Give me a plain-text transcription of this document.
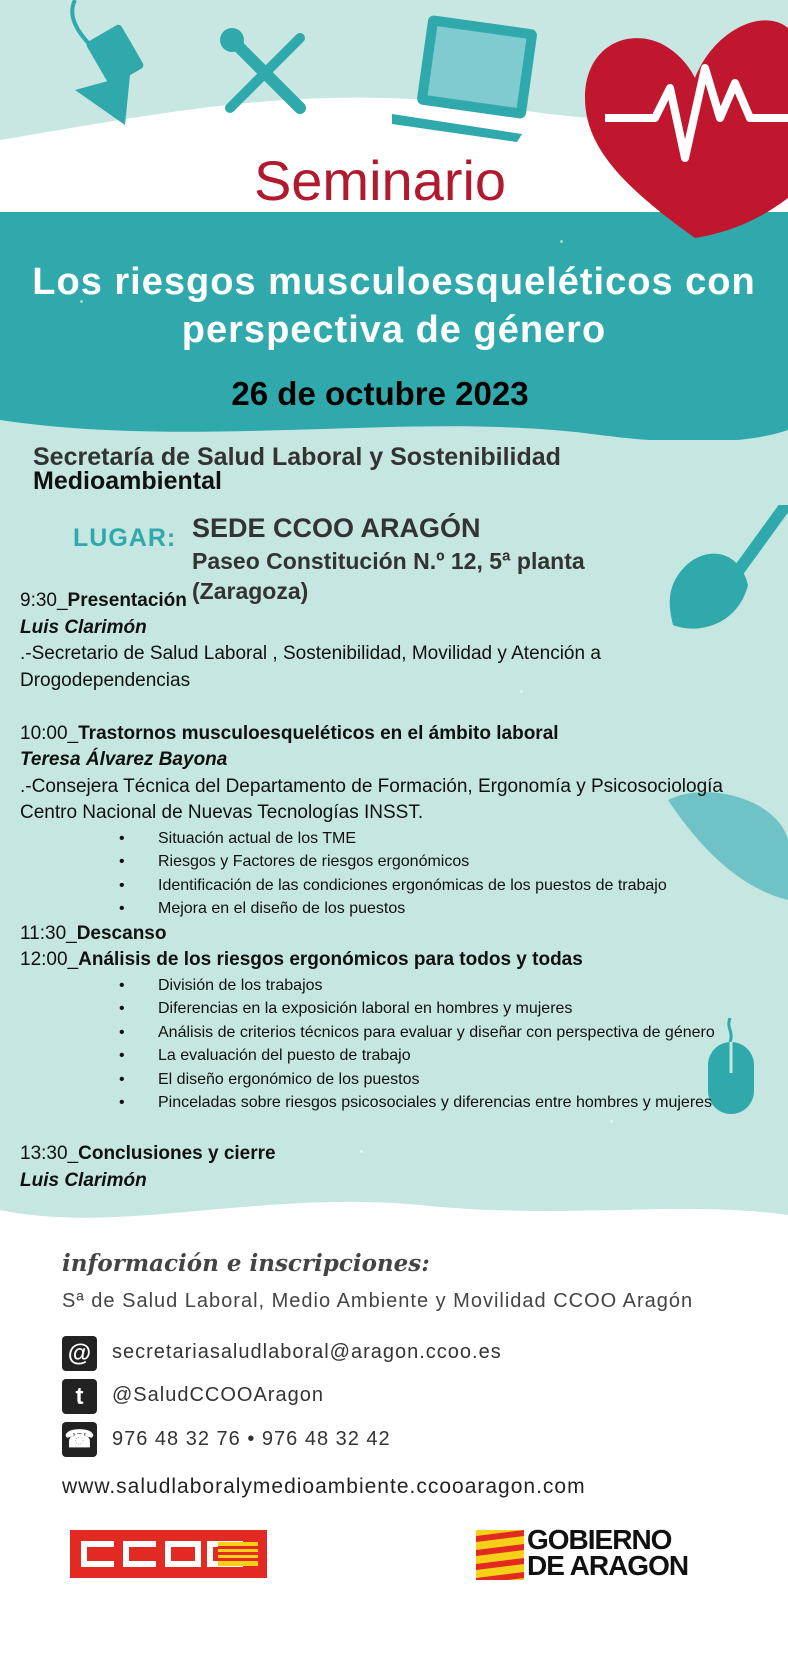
Seminario
Los riesgos musculoesqueléticos con
perspectiva de género
26 de octubre 2023
Secretaría de Salud Laboral y Sostenibilidad
Medioambiental
LUGAR: SEDE CCOO ARAGÓN
Paseo Constitución N.º 12, 5ª planta
(Zaragoza)

9:30_Presentación

Luis Clarimón

.-Secretario de Salud Laboral , Sostenibilidad, Movilidad y Atención a Drogodependencias

10:00_Trastornos musculoesqueléticos en el ámbito laboral

Teresa Álvarez Bayona

.-Consejera Técnica del Departamento de Formación, Ergonomía y Psicosociología

Centro Nacional de Nuevas Tecnologías INSST.

• Situación actual de los TME
• Riesgos y Factores de riesgos ergonómicos
• Identificación de las condiciones ergonómicas de los puestos de trabajo
• Mejora en el diseño de los puestos

11:30_Descanso

12:00_Análisis de los riesgos ergonómicos para todos y todas

• División de los trabajos
• Diferencias en la exposición laboral en hombres y mujeres
• Análisis de criterios técnicos para evaluar y diseñar con perspectiva de género
• La evaluación del puesto de trabajo
• El diseño ergonómico de los puestos
• Pinceladas sobre riesgos psicosociales y diferencias entre hombres y mujeres

13:30_Conclusiones y cierre

Luis Clarimón

información e inscripciones:
Sª de Salud Laboral, Medio Ambiente y Movilidad CCOO Aragón
@ secretariasaludlaboral@aragon.ccoo.es
t	@SaludCCOOAragon
☎ 976 48 32 76 • 976 48 32 42
www.saludlaboralymedioambiente.ccooaragon.com
GOBIERNO
DE ARAGON
